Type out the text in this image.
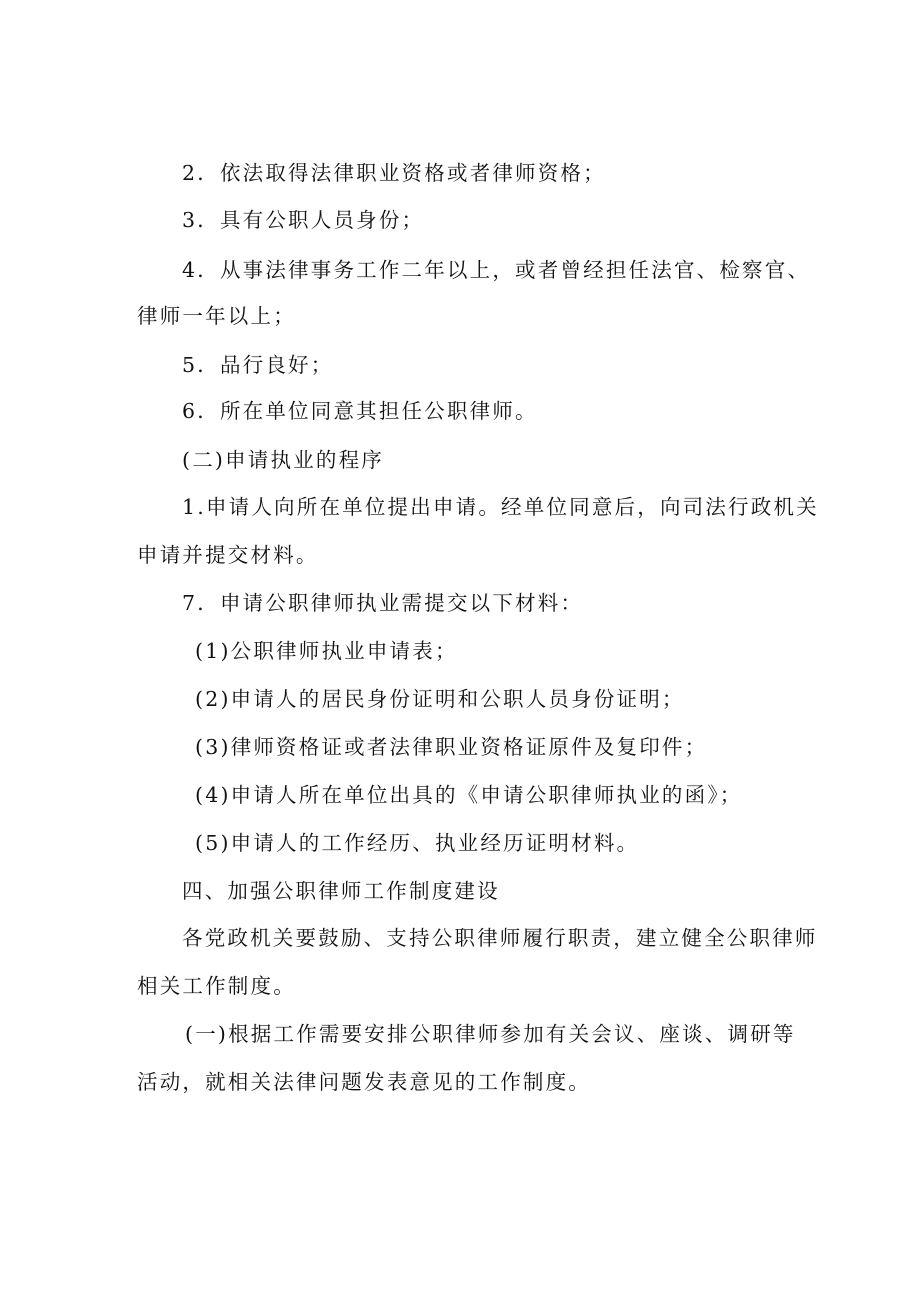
2．依法取得法律职业资格或者律师资格；
3．具有公职人员身份；
4．从事法律事务工作二年以上，或者曾经担任法官、检察官、
律师一年以上；
5．品行良好；
6．所在单位同意其担任公职律师。
(二)申请执业的程序
1.申请人向所在单位提出申请。经单位同意后，向司法行政机关
申请并提交材料。
7．申请公职律师执业需提交以下材料：
(1)公职律师执业申请表；
(2)申请人的居民身份证明和公职人员身份证明；
(3)律师资格证或者法律职业资格证原件及复印件；
(4)申请人所在单位出具的《申请公职律师执业的函》；
(5)申请人的工作经历、执业经历证明材料。
四、加强公职律师工作制度建设
各党政机关要鼓励、支持公职律师履行职责，建立健全公职律师
相关工作制度。
(一)根据工作需要安排公职律师参加有关会议、座谈、调研等
活动，就相关法律问题发表意见的工作制度。
